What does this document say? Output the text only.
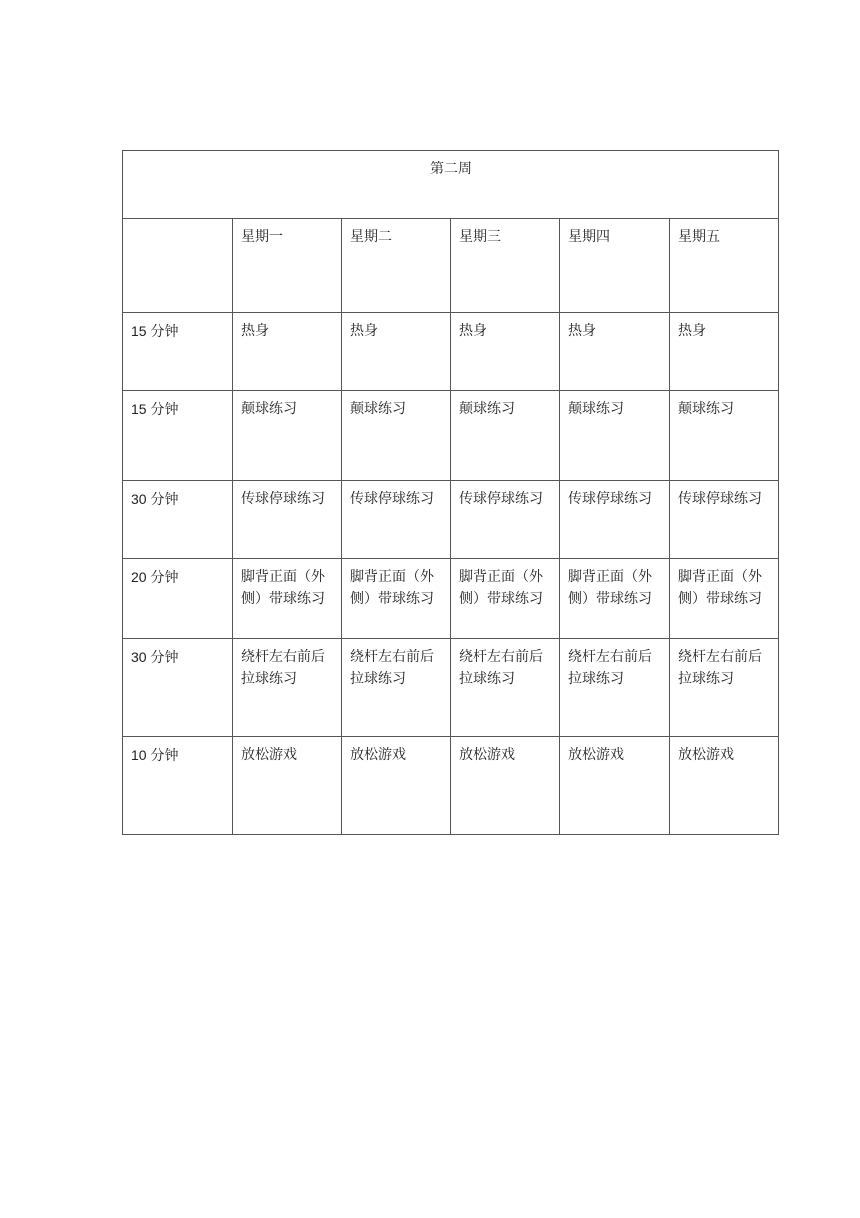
第二周					
	星期一	星期二	星期三	星期四	星期五
15 分钟	热身	热身	热身	热身	热身
15 分钟	颠球练习	颠球练习	颠球练习	颠球练习	颠球练习
30 分钟	传球停球练习	传球停球练习	传球停球练习	传球停球练习	传球停球练习
20 分钟	脚背正面（外侧）带球练习	脚背正面（外侧）带球练习	脚背正面（外侧）带球练习	脚背正面（外侧）带球练习	脚背正面（外侧）带球练习
30 分钟	绕杆左右前后拉球练习	绕杆左右前后拉球练习	绕杆左右前后拉球练习	绕杆左右前后拉球练习	绕杆左右前后拉球练习
10 分钟	放松游戏	放松游戏	放松游戏	放松游戏	放松游戏
